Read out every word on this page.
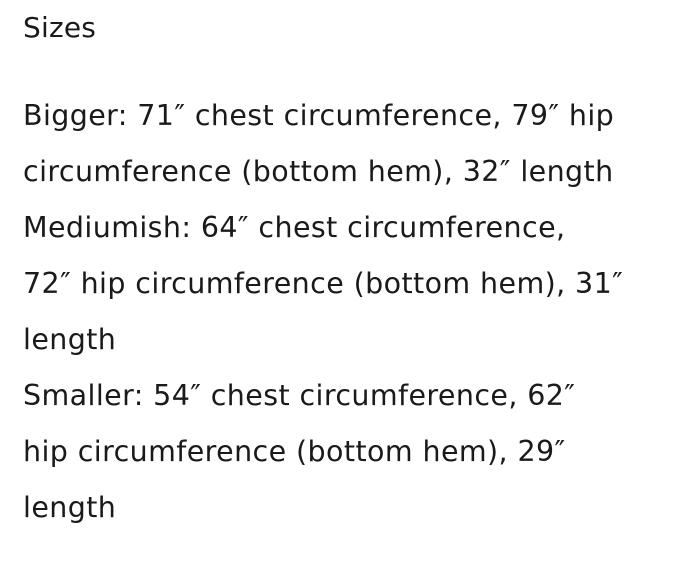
Sizes
Bigger: 71″ chest circumference, 79″ hip
circumference (bottom hem), 32″ length
Mediumish: 64″ chest circumference,
72″ hip circumference (bottom hem), 31″
length
Smaller: 54″ chest circumference, 62″
hip circumference (bottom hem), 29″
length
